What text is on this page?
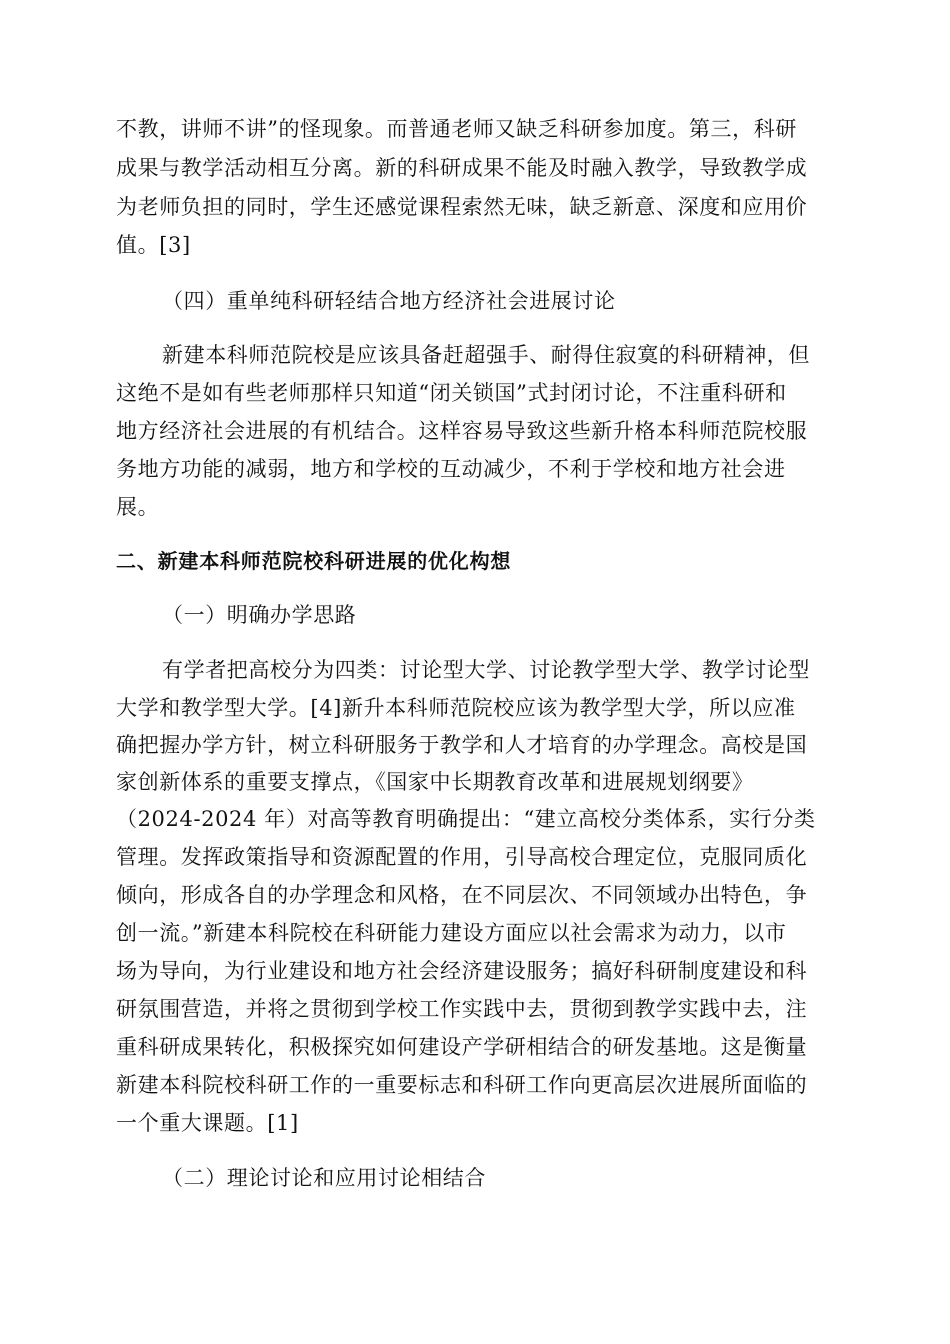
不教，讲师不讲”的怪现象。而普通老师又缺乏科研参加度。第三，科研
成果与教学活动相互分离。新的科研成果不能及时融入教学，导致教学成
为老师负担的同时，学生还感觉课程索然无味，缺乏新意、深度和应用价
值。[3]
（四）重单纯科研轻结合地方经济社会进展讨论
新建本科师范院校是应该具备赶超强手、耐得住寂寞的科研精神，但
这绝不是如有些老师那样只知道“闭关锁国”式封闭讨论，不注重科研和
地方经济社会进展的有机结合。这样容易导致这些新升格本科师范院校服
务地方功能的减弱，地方和学校的互动减少，不利于学校和地方社会进
展。
二、新建本科师范院校科研进展的优化构想
（一）明确办学思路
有学者把高校分为四类：讨论型大学、讨论教学型大学、教学讨论型
大学和教学型大学。[4]新升本科师范院校应该为教学型大学，所以应准
确把握办学方针，树立科研服务于教学和人才培育的办学理念。高校是国
家创新体系的重要支撑点，《国家中长期教育改革和进展规划纲要》
（2024-2024 年）对高等教育明确提出：“建立高校分类体系，实行分类
管理。发挥政策指导和资源配置的作用，引导高校合理定位，克服同质化
倾向，形成各自的办学理念和风格，在不同层次、不同领域办出特色，争
创一流。”新建本科院校在科研能力建设方面应以社会需求为动力，以市
场为导向，为行业建设和地方社会经济建设服务；搞好科研制度建设和科
研氛围营造，并将之贯彻到学校工作实践中去，贯彻到教学实践中去，注
重科研成果转化，积极探究如何建设产学研相结合的研发基地。这是衡量
新建本科院校科研工作的一重要标志和科研工作向更高层次进展所面临的
一个重大课题。[1]
（二）理论讨论和应用讨论相结合
